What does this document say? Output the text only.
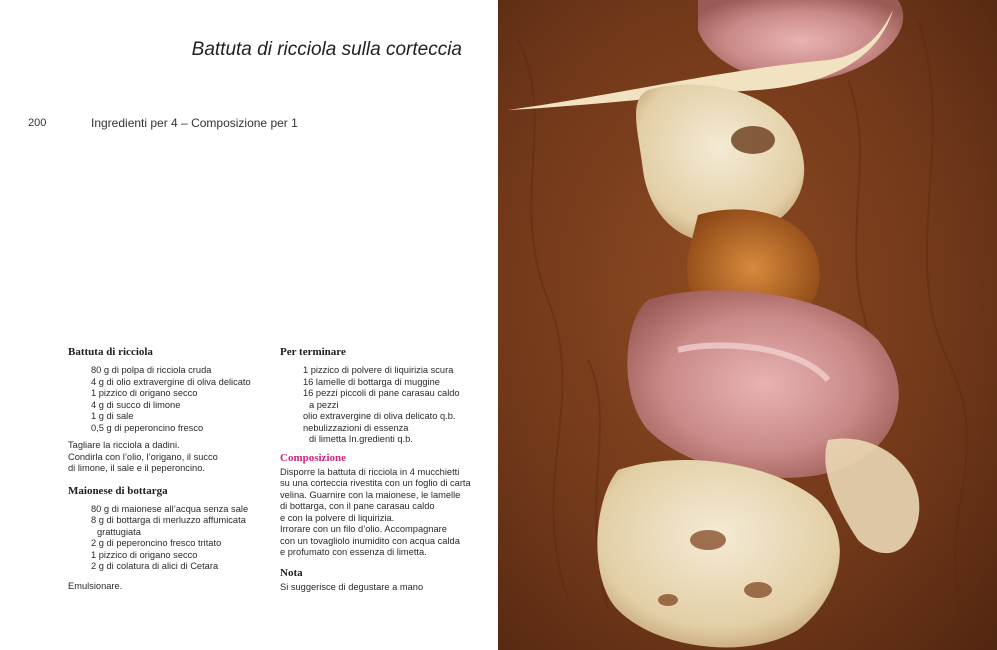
Battuta di ricciola sulla corteccia
200	Ingredienti per 4 – Composizione per 1
Battuta di ricciola
80 g di polpa di ricciola cruda
4 g di olio extravergine di oliva delicato
1 pizzico di origano secco
4 g di succo di limone
1 g di sale
0,5 g di peperoncino fresco

Tagliare la ricciola a dadini.
Condirla con l’olio, l’origano, il succo
di limone, il sale e il peperoncino.

Maionese di bottarga
80 g di maionese all’acqua senza sale
8 g di bottarga di merluzzo affumicata
grattugiata
2 g di peperoncino fresco tritato
1 pizzico di origano secco
2 g di colatura di alici di Cetara

Emulsionare.

Per terminare
1 pizzico di polvere di liquirizia scura
16 lamelle di bottarga di muggine
16 pezzi piccoli di pane carasau caldo
a pezzi
olio extravergine di oliva delicato q.b.
nebulizzazioni di essenza
di limetta In.gredienti q.b.
Composizione

Disporre la battuta di ricciola in 4 mucchietti
su una corteccia rivestita con un foglio di carta
velina. Guarnire con la maionese, le lamelle
di bottarga, con il pane carasau caldo
e con la polvere di liquirizia.
Irrorare con un filo d’olio. Accompagnare
con un tovagliolo inumidito con acqua calda
e profumato con essenza di limetta.

Nota

Si suggerisce di degustare a mano
